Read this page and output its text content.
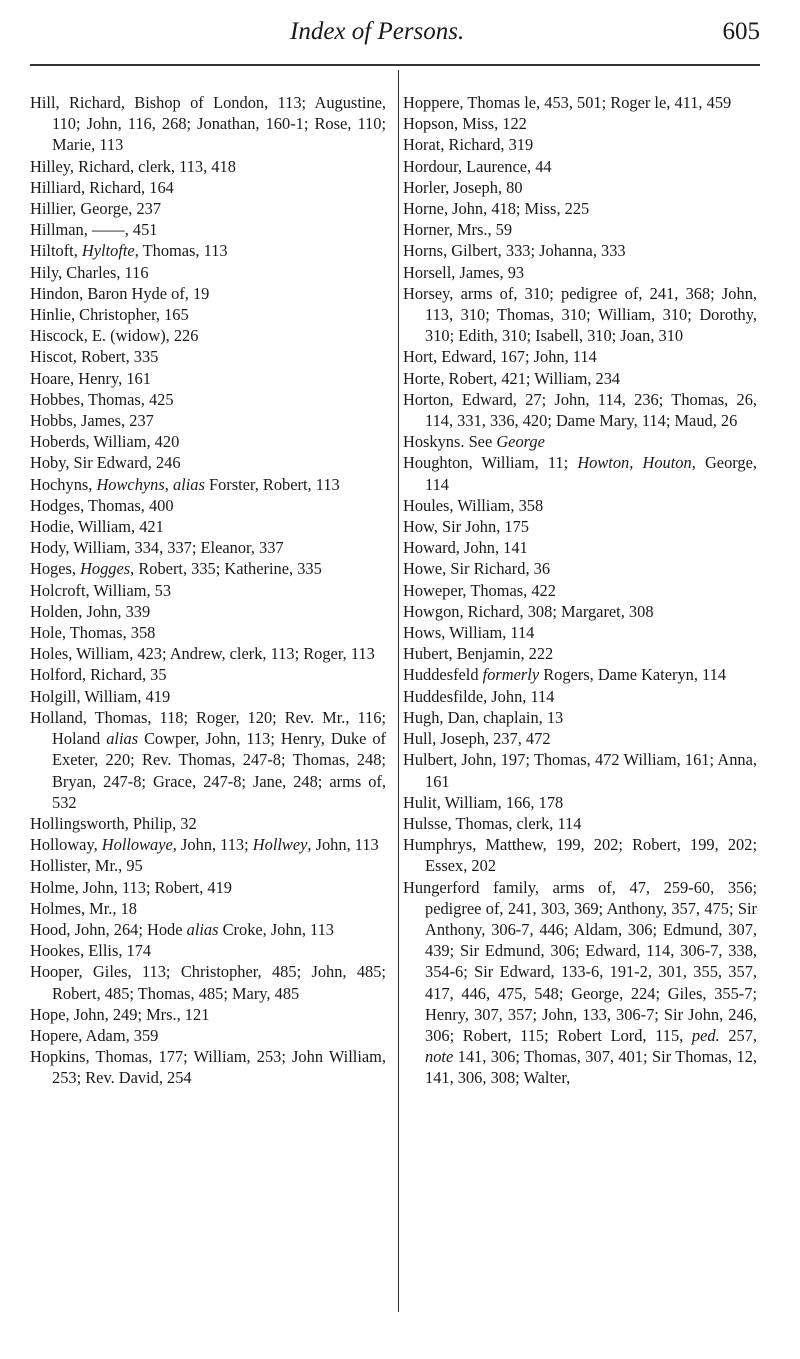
Index of Persons.	605
Hill, Richard, Bishop of London, 113; Augustine, 110; John, 116, 268; Jonathan, 160-1; Rose, 110; Marie, 113
Hilley, Richard, clerk, 113, 418
Hilliard, Richard, 164
Hillier, George, 237
Hillman, ——, 451
Hiltoft, Hyltofte, Thomas, 113
Hily, Charles, 116
Hindon, Baron Hyde of, 19
Hinlie, Christopher, 165
Hiscock, E. (widow), 226
Hiscot, Robert, 335
Hoare, Henry, 161
Hobbes, Thomas, 425
Hobbs, James, 237
Hoberds, William, 420
Hoby, Sir Edward, 246
Hochyns, Howchyns, alias Forster, Robert, 113
Hodges, Thomas, 400
Hodie, William, 421
Hody, William, 334, 337; Eleanor, 337
Hoges, Hogges, Robert, 335; Katherine, 335
Holcroft, William, 53
Holden, John, 339
Hole, Thomas, 358
Holes, William, 423; Andrew, clerk, 113; Roger, 113
Holford, Richard, 35
Holgill, William, 419
Holland, Thomas, 118; Roger, 120; Rev. Mr., 116; Holand alias Cowper, John, 113; Henry, Duke of Exeter, 220; Rev. Thomas, 247-8; Thomas, 248; Bryan, 247-8; Grace, 247-8; Jane, 248; arms of, 532
Hollingsworth, Philip, 32
Holloway, Hollowaye, John, 113; Hollwey, John, 113
Hollister, Mr., 95
Holme, John, 113; Robert, 419
Holmes, Mr., 18
Hood, John, 264; Hode alias Croke, John, 113
Hookes, Ellis, 174
Hooper, Giles, 113; Christopher, 485; John, 485; Robert, 485; Thomas, 485; Mary, 485
Hope, John, 249; Mrs., 121
Hopere, Adam, 359
Hopkins, Thomas, 177; William, 253; John William, 253; Rev. David, 254
Hoppere, Thomas le, 453, 501; Roger le, 411, 459
Hopson, Miss, 122
Horat, Richard, 319
Hordour, Laurence, 44
Horler, Joseph, 80
Horne, John, 418; Miss, 225
Horner, Mrs., 59
Horns, Gilbert, 333; Johanna, 333
Horsell, James, 93
Horsey, arms of, 310; pedigree of, 241, 368; John, 113, 310; Thomas, 310; William, 310; Dorothy, 310; Edith, 310; Isabell, 310; Joan, 310
Hort, Edward, 167; John, 114
Horte, Robert, 421; William, 234
Horton, Edward, 27; John, 114, 236; Thomas, 26, 114, 331, 336, 420; Dame Mary, 114; Maud, 26
Hoskyns. See George
Houghton, William, 11; Howton, Houton, George, 114
Houles, William, 358
How, Sir John, 175
Howard, John, 141
Howe, Sir Richard, 36
Howeper, Thomas, 422
Howgon, Richard, 308; Margaret, 308
Hows, William, 114
Hubert, Benjamin, 222
Huddesfeld formerly Rogers, Dame Kateryn, 114
Huddesfilde, John, 114
Hugh, Dan, chaplain, 13
Hull, Joseph, 237, 472
Hulbert, John, 197; Thomas, 472 William, 161; Anna, 161
Hulit, William, 166, 178
Hulsse, Thomas, clerk, 114
Humphrys, Matthew, 199, 202; Robert, 199, 202; Essex, 202
Hungerford family, arms of, 47, 259-60, 356; pedigree of, 241, 303, 369; Anthony, 357, 475; Sir Anthony, 306-7, 446; Aldam, 306; Edmund, 307, 439; Sir Edmund, 306; Edward, 114, 306-7, 338, 354-6; Sir Edward, 133-6, 191-2, 301, 355, 357, 417, 446, 475, 548; George, 224; Giles, 355-7; Henry, 307, 357; John, 133, 306-7; Sir John, 246, 306; Robert, 115; Robert Lord, 115, ped. 257, note 141, 306; Thomas, 307, 401; Sir Thomas, 12, 141, 306, 308; Walter,
